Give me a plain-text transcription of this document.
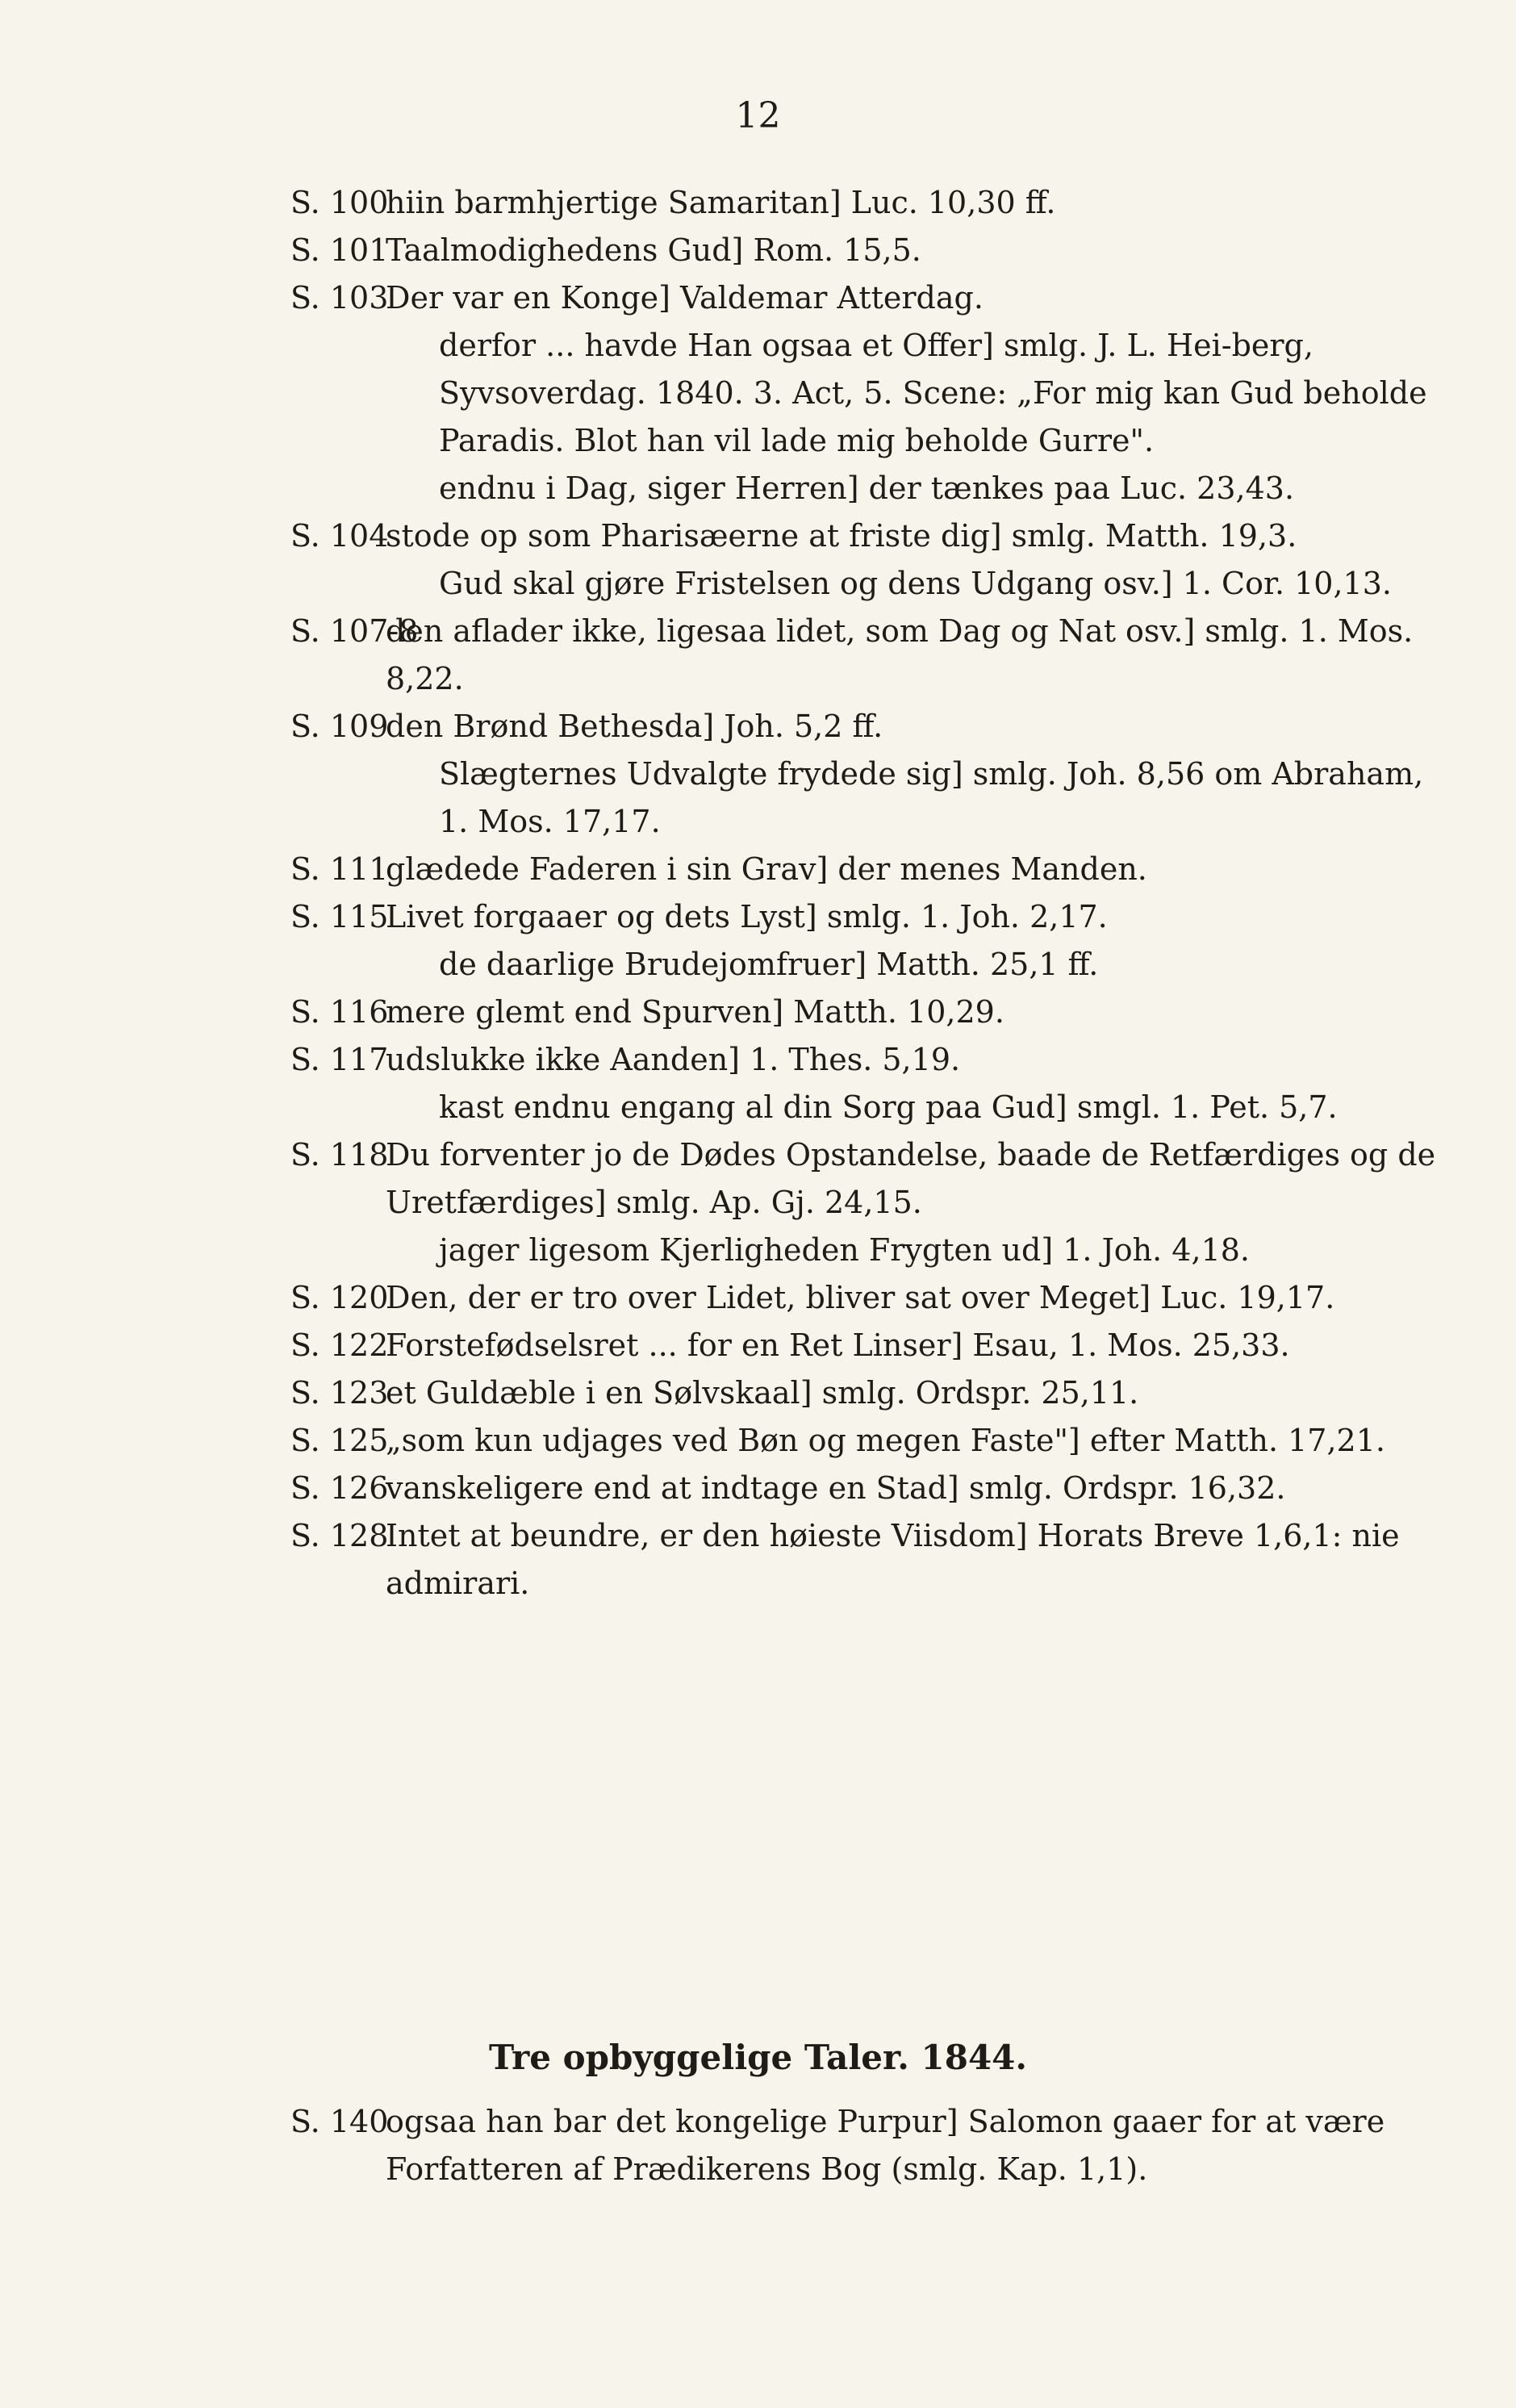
12
S. 100
hiin barmhjertige Samaritan] Luc. 10,30 ff.
S. 101
Taalmodighedens Gud] Rom. 15,5.
S. 103
Der var en Konge] Valdemar Atterdag.
derfor ... havde Han ogsaa et Offer] smlg. J. L. Hei-berg, Syvsoverdag. 1840. 3. Act, 5. Scene: „For mig kan Gud beholde Paradis. Blot han vil lade mig beholde Gurre".
endnu i Dag, siger Herren] der tænkes paa Luc. 23,43.
S. 104
stode op som Pharisæerne at friste dig] smlg. Matth. 19,3.
Gud skal gjøre Fristelsen og dens Udgang osv.] 1. Cor. 10,13.
S. 107-8
den aflader ikke, ligesaa lidet, som Dag og Nat osv.] smlg. 1. Mos. 8,22.
S. 109
den Brønd Bethesda] Joh. 5,2 ff.
Slægternes Udvalgte frydede sig] smlg. Joh. 8,56 om Abraham, 1. Mos. 17,17.
S. 111
glædede Faderen i sin Grav] der menes Manden.
S. 115
Livet forgaaer og dets Lyst] smlg. 1. Joh. 2,17.
de daarlige Brudejomfruer] Matth. 25,1 ff.
S. 116
mere glemt end Spurven] Matth. 10,29.
S. 117
udslukke ikke Aanden] 1. Thes. 5,19.
kast endnu engang al din Sorg paa Gud] smgl. 1. Pet. 5,7.
S. 118
Du forventer jo de Dødes Opstandelse, baade de Retfærdiges og de Uretfærdiges] smlg. Ap. Gj. 24,15.
jager ligesom Kjerligheden Frygten ud] 1. Joh. 4,18.
S. 120
Den, der er tro over Lidet, bliver sat over Meget] Luc. 19,17.
S. 122
Forstefødselsret ... for en Ret Linser] Esau, 1. Mos. 25,33.
S. 123
et Guldæble i en Sølvskaal] smlg. Ordspr. 25,11.
S. 125
„som kun udjages ved Bøn og megen Faste"] efter Matth. 17,21.
S. 126
vanskeligere end at indtage en Stad] smlg. Ordspr. 16,32.
S. 128
Intet at beundre, er den høieste Viisdom] Horats Breve 1,6,1: nie admirari.
Tre opbyggelige Taler. 1844.
S. 140
ogsaa han bar det kongelige Purpur] Salomon gaaer for at være Forfatteren af Prædikerens Bog (smlg. Kap. 1,1).
